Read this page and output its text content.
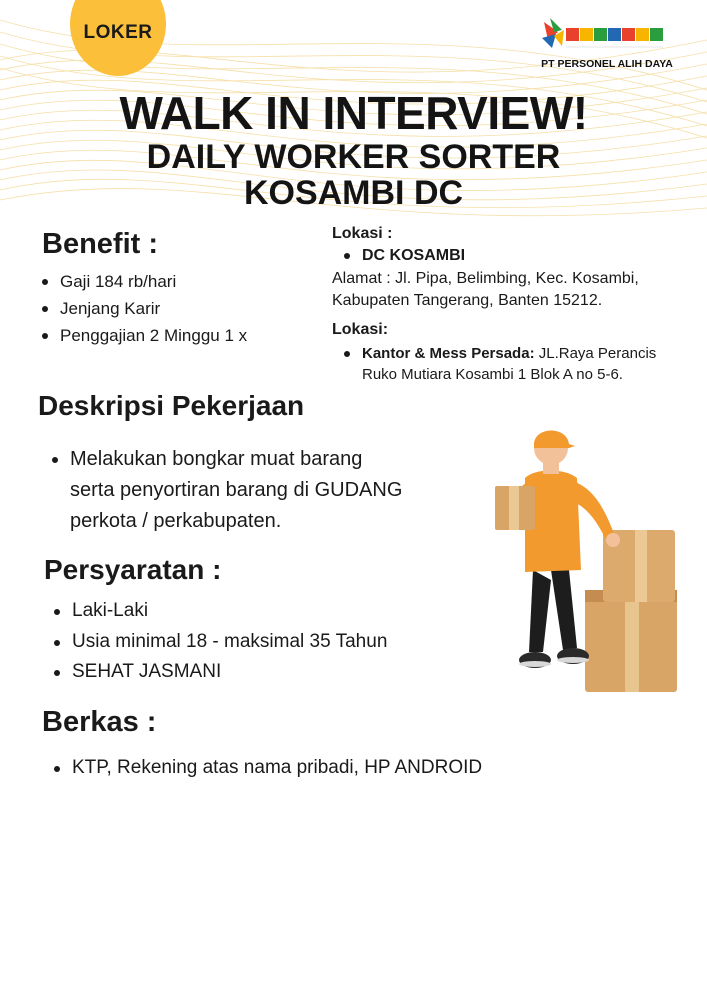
LOKER
PT PERSONEL ALIH DAYA
WALK IN INTERVIEW!
DAILY WORKER SORTER
KOSAMBI DC
Benefit :
Gaji 184 rb/hari
Jenjang Karir
Penggajian 2 Minggu 1 x
Lokasi :
DC KOSAMBI

Alamat : Jl. Pipa, Belimbing, Kec. Kosambi,
Kabupaten Tangerang, Banten 15212.

Lokasi:
Kantor & Mess Persada: JL.Raya Perancis
Ruko Mutiara Kosambi 1 Blok A no 5-6.
Deskripsi Pekerjaan
Melakukan bongkar muat barang
serta penyortiran barang di GUDANG
perkota / perkabupaten.
Persyaratan :
Laki-Laki
Usia minimal 18 - maksimal 35 Tahun
SEHAT JASMANI
Berkas :
KTP, Rekening atas nama pribadi, HP ANDROID
